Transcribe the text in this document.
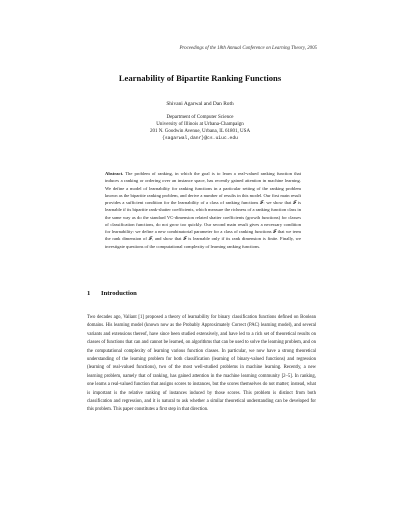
Proceedings of the 18th Annual Conference on Learning Theory, 2005
Learnability of Bipartite Ranking Functions
Shivani Agarwal and Dan Roth
Department of Computer Science
University of Illinois at Urbana-Champaign
201 N. Goodwin Avenue, Urbana, IL 61801, USA
{sagarwal,danr}@cs.uiuc.edu
Abstract. The problem of ranking, in which the goal is to learn a real-valued ranking function that induces a ranking or ordering over an instance space, has recently gained attention in machine learning. We define a model of learnability for ranking functions in a particular setting of the ranking problem known as the bipartite ranking problem, and derive a number of results in this model. Our first main result provides a sufficient condition for the learnability of a class of ranking functions 𝓕: we show that 𝓕 is learnable if its bipartite rank-shatter coefficients, which measure the richness of a ranking function class in the same way as do the standard VC-dimension related shatter coefficients (growth functions) for classes of classification functions, do not grow too quickly. Our second main result gives a necessary condition for learnability: we define a new combinatorial parameter for a class of ranking functions 𝓕 that we term the rank dimension of 𝓕, and show that 𝓕 is learnable only if its rank dimension is finite. Finally, we investigate questions of the computational complexity of learning ranking functions.
1 Introduction
Two decades ago, Valiant [1] proposed a theory of learnability for binary classification functions defined on Boolean domains. His learning model (known now as the Probably Approximately Correct (PAC) learning model), and several variants and extensions thereof, have since been studied extensively, and have led to a rich set of theoretical results on classes of functions that can and cannot be learned, on algorithms that can be used to solve the learning problem, and on the computational complexity of learning various function classes. In particular, we now have a strong theoretical understanding of the learning problem for both classification (learning of binary-valued functions) and regression (learning of real-valued functions), two of the most well-studied problems in machine learning. Recently, a new learning problem, namely that of ranking, has gained attention in the machine learning community [2–5]. In ranking, one learns a real-valued function that assigns scores to instances, but the scores themselves do not matter; instead, what is important is the relative ranking of instances induced by those scores. This problem is distinct from both classification and regression, and it is natural to ask whether a similar theoretical understanding can be developed for this problem. This paper constitutes a first step in that direction.
